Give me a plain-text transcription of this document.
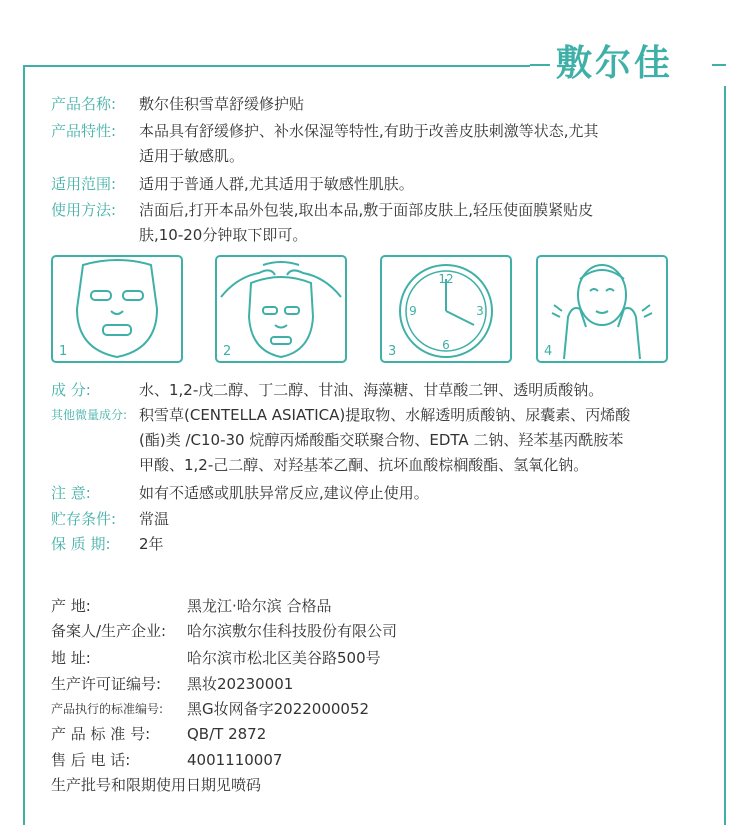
敷尔佳
产品名称:	敷尔佳积雪草舒缓修护贴
产品特性:	本品具有舒缓修护、补水保湿等特性,有助于改善皮肤刺激等状态,尤其
适用于敏感肌。
适用范围:	适用于普通人群,尤其适用于敏感性肌肤。
使用方法:	洁面后,打开本品外包装,取出本品,敷于面部皮肤上,轻压使面膜紧贴皮
肤,10-20分钟取下即可。
1	2
12
3
6
9
3	4
成 分:	水、1,2-戊二醇、丁二醇、甘油、海藻糖、甘草酸二钾、透明质酸钠。
其他微量成分: 积雪草(CENTELLA ASIATICA)提取物、水解透明质酸钠、尿囊素、丙烯酸
(酯)类 /C10-30 烷醇丙烯酸酯交联聚合物、EDTA 二钠、羟苯基丙酰胺苯
甲酸、1,2-己二醇、对羟基苯乙酮、抗坏血酸棕榈酸酯、氢氧化钠。
注 意:	如有不适感或肌肤异常反应,建议停止使用。
贮存条件:	常温
保 质 期:	2年
产 地:	黑龙江·哈尔滨 合格品
备案人/生产企业:	哈尔滨敷尔佳科技股份有限公司
地 址:	哈尔滨市松北区美谷路500号
生产许可证编号:	黑妆20230001
产品执行的标准编号:	黑G妆网备字2022000052
产 品 标 准 号:	QB/T 2872
售 后 电 话:	4001110007
生产批号和限期使用日期见喷码
